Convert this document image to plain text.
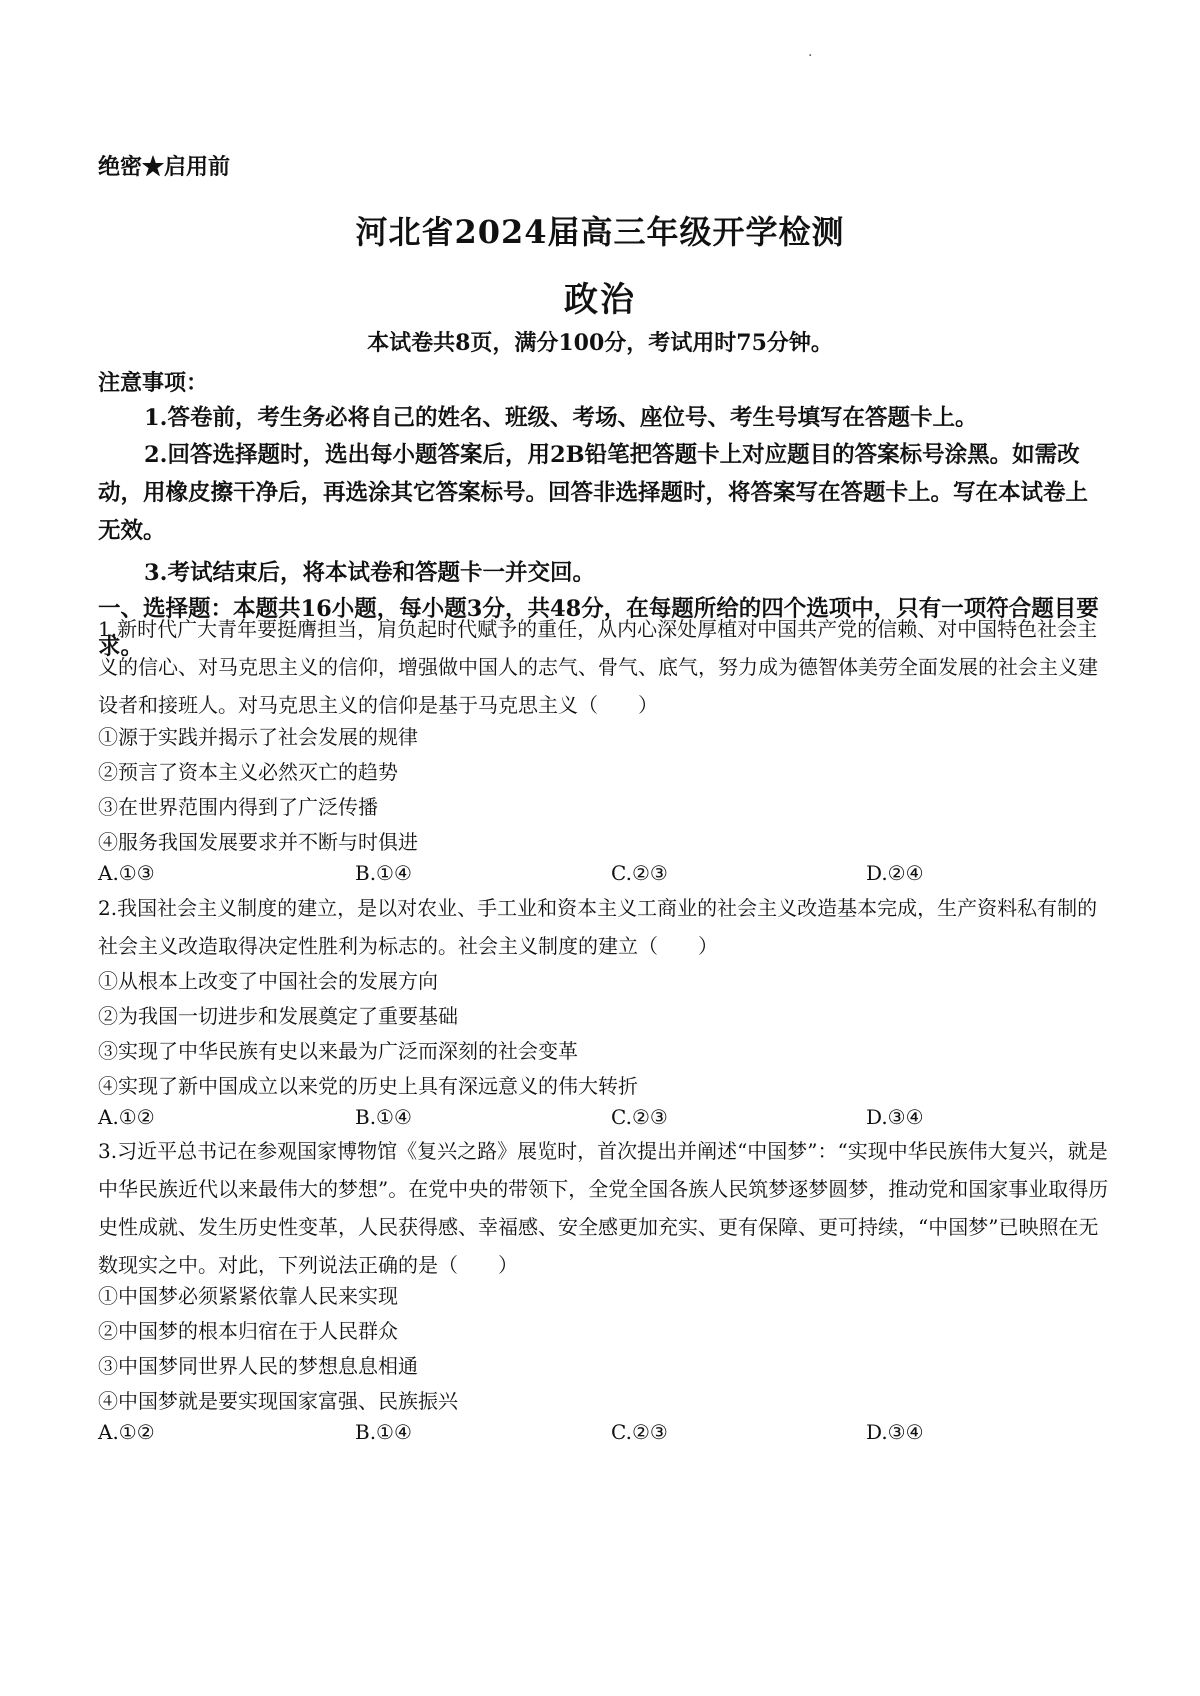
·
绝密★启用前
河北省2024届高三年级开学检测
政治
本试卷共8页，满分100分，考试用时75分钟。
注意事项：
1.答卷前，考生务必将自己的姓名、班级、考场、座位号、考生号填写在答题卡上。
2.回答选择题时，选出每小题答案后，用2B铅笔把答题卡上对应题目的答案标号涂黑。如需改动，用橡皮擦干净后，再选涂其它答案标号。回答非选择题时，将答案写在答题卡上。写在本试卷上无效。
3.考试结束后，将本试卷和答题卡一并交回。
一、选择题：本题共16小题，每小题3分，共48分，在每题所给的四个选项中，只有一项符合题目要求。
1.新时代广大青年要挺膺担当，肩负起时代赋予的重任，从内心深处厚植对中国共产党的信赖、对中国特色社会主义的信心、对马克思主义的信仰，增强做中国人的志气、骨气、底气，努力成为德智体美劳全面发展的社会主义建设者和接班人。对马克思主义的信仰是基于马克思主义（　　）
①源于实践并揭示了社会发展的规律
②预言了资本主义必然灭亡的趋势
③在世界范围内得到了广泛传播
④服务我国发展要求并不断与时俱进
A.①③	B.①④	C.②③	D.②④
2.我国社会主义制度的建立，是以对农业、手工业和资本主义工商业的社会主义改造基本完成，生产资料私有制的社会主义改造取得决定性胜利为标志的。社会主义制度的建立（　　）
①从根本上改变了中国社会的发展方向
②为我国一切进步和发展奠定了重要基础
③实现了中华民族有史以来最为广泛而深刻的社会变革
④实现了新中国成立以来党的历史上具有深远意义的伟大转折
A.①②	B.①④	C.②③	D.③④
3.习近平总书记在参观国家博物馆《复兴之路》展览时，首次提出并阐述“中国梦”：“实现中华民族伟大复兴，就是中华民族近代以来最伟大的梦想”。在党中央的带领下，全党全国各族人民筑梦逐梦圆梦，推动党和国家事业取得历史性成就、发生历史性变革，人民获得感、幸福感、安全感更加充实、更有保障、更可持续，“中国梦”已映照在无数现实之中。对此，下列说法正确的是（　　）
①中国梦必须紧紧依靠人民来实现
②中国梦的根本归宿在于人民群众
③中国梦同世界人民的梦想息息相通
④中国梦就是要实现国家富强、民族振兴
A.①②	B.①④	C.②③	D.③④
